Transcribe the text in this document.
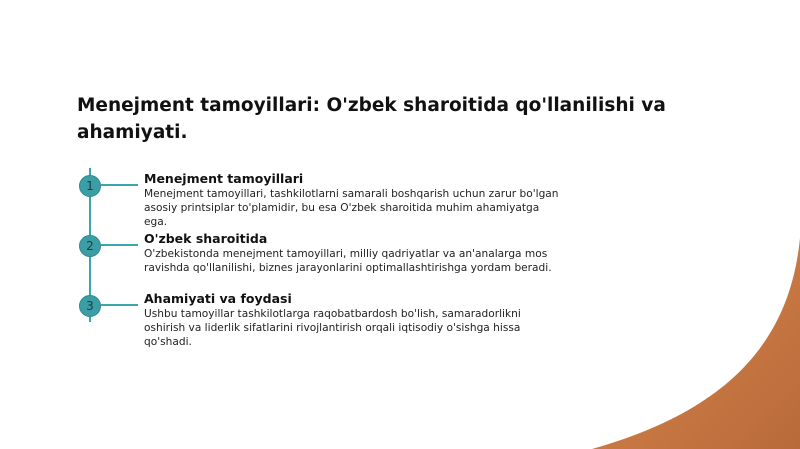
Menejment tamoyillari: O'zbek sharoitida qo'llanilishi va ahamiyati.
1
2
3
Menejment tamoyillari
Menejment tamoyillari, tashkilotlarni samarali boshqarish uchun zarur bo'lgan asosiy printsiplar to'plamidir, bu esa O'zbek sharoitida muhim ahamiyatga ega.
O'zbek sharoitida
O'zbekistonda menejment tamoyillari, milliy qadriyatlar va an'analarga mos ravishda qo'llanilishi, biznes jarayonlarini optimallashtirishga yordam beradi.
Ahamiyati va foydasi
Ushbu tamoyillar tashkilotlarga raqobatbardosh bo'lish, samaradorlikni oshirish va liderlik sifatlarini rivojlantirish orqali iqtisodiy o'sishga hissa qo'shadi.
